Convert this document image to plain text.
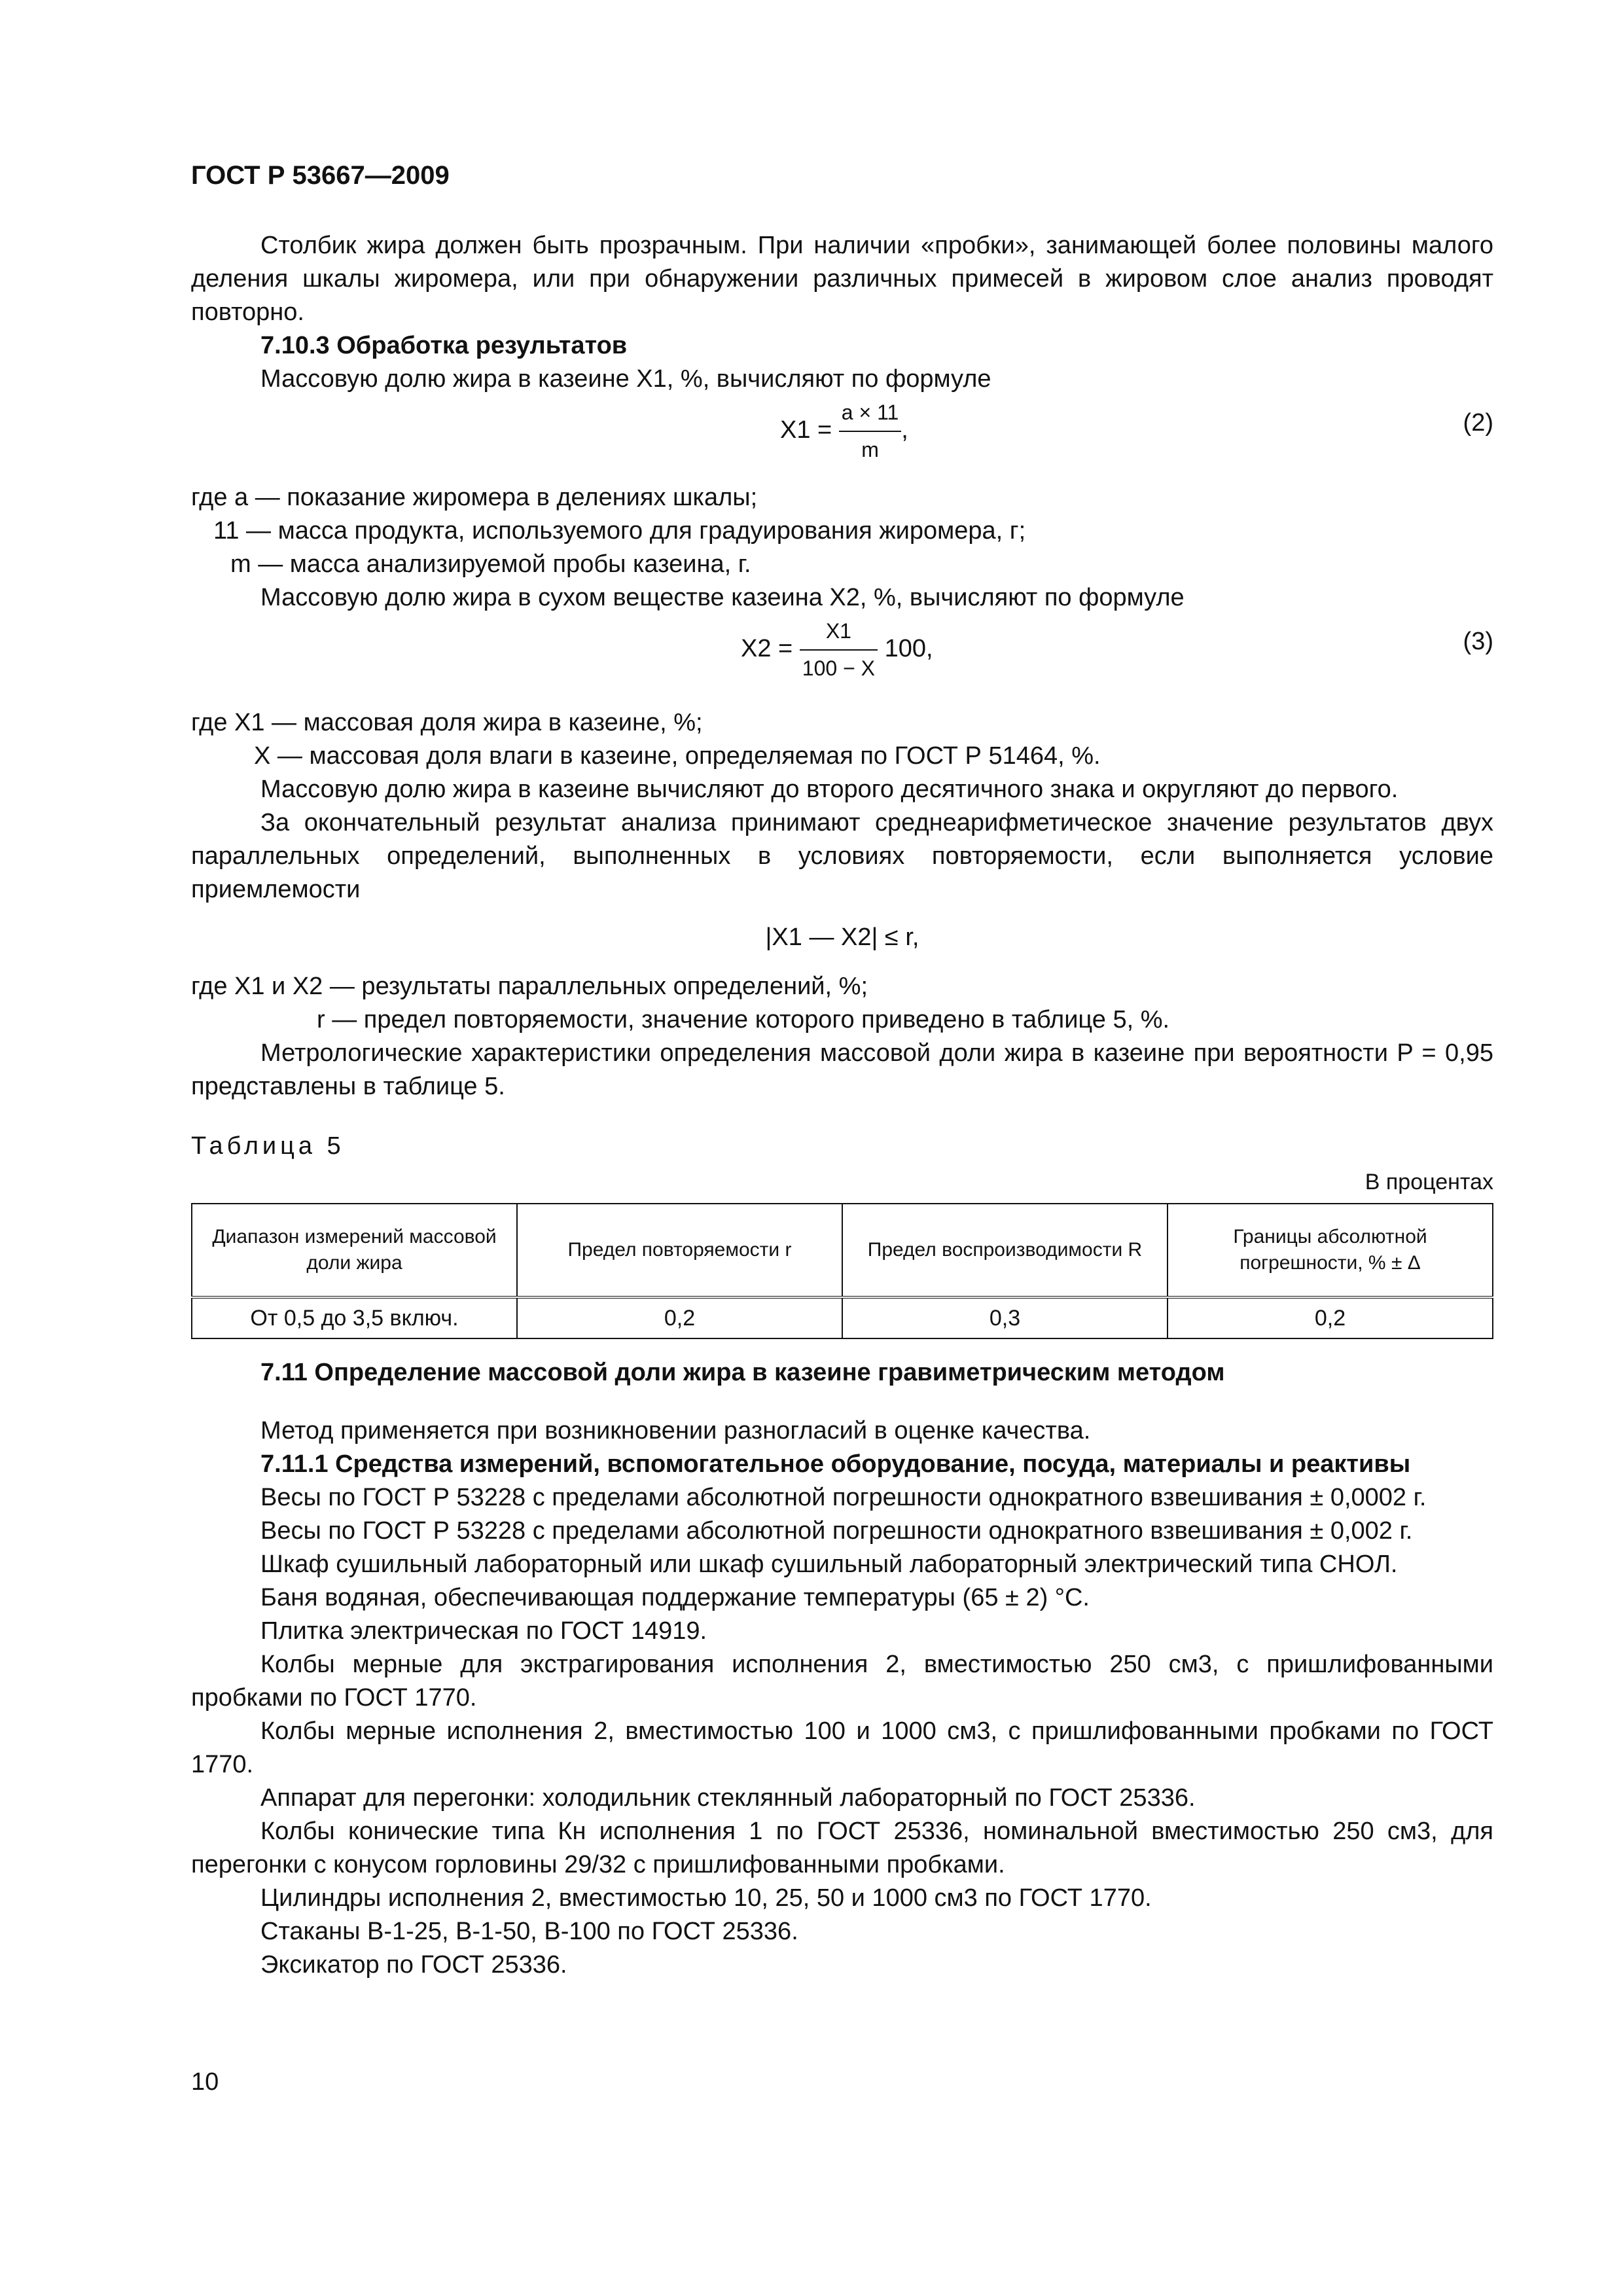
ГОСТ Р 53667—2009

Столбик жира должен быть прозрачным. При наличии «пробки», занимающей более половины малого деления шкалы жиромера, или при обнаружении различных примесей в жировом слое анализ проводят повторно.

7.10.3 Обработка результатов

Массовую долю жира в казеине X1, %, вычисляют по формуле

$X1 = \frac{a \times 11}{m}$ ,	(2)

где a — показание жиромера в делениях шкалы;

11 — масса продукта, используемого для градуирования жиромера, г;

m — масса анализируемой пробы казеина, г.

Массовую долю жира в сухом веществе казеина X2, %, вычисляют по формуле

$X2 = \frac{X1}{100 - X} 100$,	(3)

где X1 — массовая доля жира в казеине, %;

X — массовая доля влаги в казеине, определяемая по ГОСТ Р 51464, %.

Массовую долю жира в казеине вычисляют до второго десятичного знака и округляют до первого.

За окончательный результат анализа принимают среднеарифметическое значение результатов двух параллельных определений, выполненных в условиях повторяемости, если выполняется условие приемлемости

|X1 — X2| ≤ r,

где X1 и X2 — результаты параллельных определений, %;

r — предел повторяемости, значение которого приведено в таблице 5, %.

Метрологические характеристики определения массовой доли жира в казеине при вероятности P = 0,95 представлены в таблице 5.

Таблица 5
В процентах
Диапазон измерений массовой доли жира	Предел повторяемости r	Предел воспроизводимости R	Границы абсолютной погрешности, % ± Δ
От 0,5 до 3,5 включ.	0,2	0,3	0,2

7.11 Определение массовой доли жира в казеине гравиметрическим методом

Метод применяется при возникновении разногласий в оценке качества.

7.11.1 Средства измерений, вспомогательное оборудование, посуда, материалы и реактивы

Весы по ГОСТ Р 53228 с пределами абсолютной погрешности однократного взвешивания ± 0,0002 г.

Весы по ГОСТ Р 53228 с пределами абсолютной погрешности однократного взвешивания ± 0,002 г.

Шкаф сушильный лабораторный или шкаф сушильный лабораторный электрический типа СНОЛ.

Баня водяная, обеспечивающая поддержание температуры (65 ± 2) °С.

Плитка электрическая по ГОСТ 14919.

Колбы мерные для экстрагирования исполнения 2, вместимостью 250 см3, с пришлифованными пробками по ГОСТ 1770.

Колбы мерные исполнения 2, вместимостью 100 и 1000 см3, с пришлифованными пробками по ГОСТ 1770.

Аппарат для перегонки: холодильник стеклянный лабораторный по ГОСТ 25336.

Колбы конические типа Кн исполнения 1 по ГОСТ 25336, номинальной вместимостью 250 см3, для перегонки с конусом горловины 29/32 с пришлифованными пробками.

Цилиндры исполнения 2, вместимостью 10, 25, 50 и 1000 см3 по ГОСТ 1770.

Стаканы В-1-25, В-1-50, В-100 по ГОСТ 25336.

Эксикатор по ГОСТ 25336.

10
